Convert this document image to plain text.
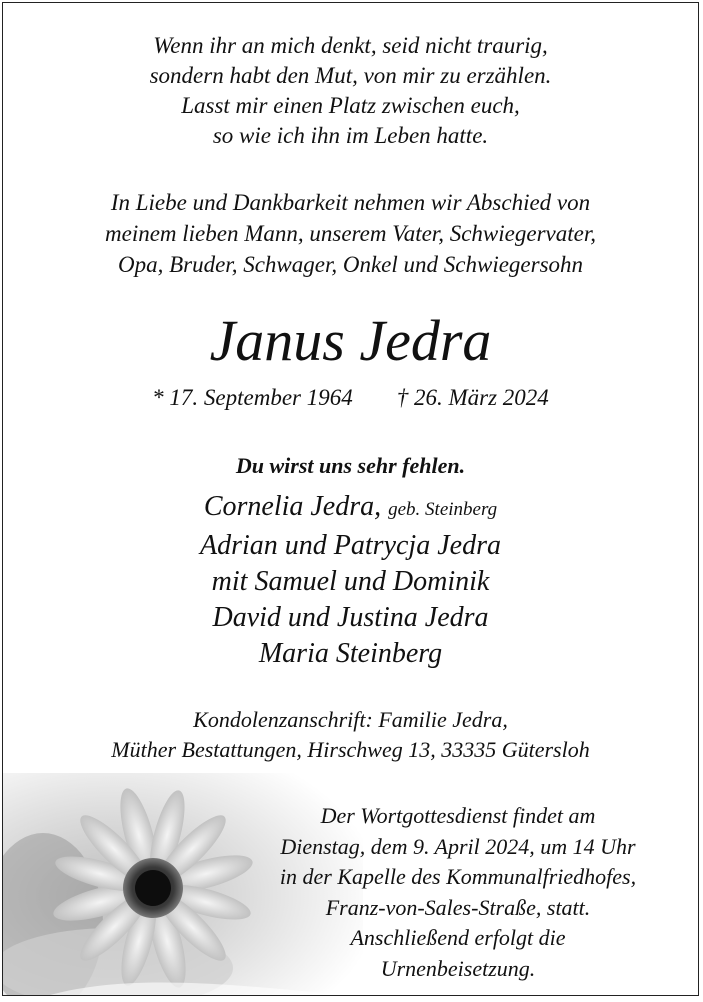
Wenn ihr an mich denkt, seid nicht traurig,
sondern habt den Mut, von mir zu erzählen.
Lasst mir einen Platz zwischen euch,
so wie ich ihn im Leben hatte.
In Liebe und Dankbarkeit nehmen wir Abschied von
meinem lieben Mann, unserem Vater, Schwiegervater,
Opa, Bruder, Schwager, Onkel und Schwiegersohn
Janus Jedra
* 17. September 1964 † 26. März 2024
Du wirst uns sehr fehlen.
Cornelia Jedra, geb. Steinberg
Adrian und Patrycja Jedra
mit Samuel und Dominik
David und Justina Jedra
Maria Steinberg
Kondolenzanschrift: Familie Jedra,
Müther Bestattungen, Hirschweg 13, 33335 Gütersloh
Der Wortgottesdienst findet am
Dienstag, dem 9. April 2024, um 14 Uhr
in der Kapelle des Kommunalfriedhofes,
Franz-von-Sales-Straße, statt.
Anschließend erfolgt die
Urnenbeisetzung.
